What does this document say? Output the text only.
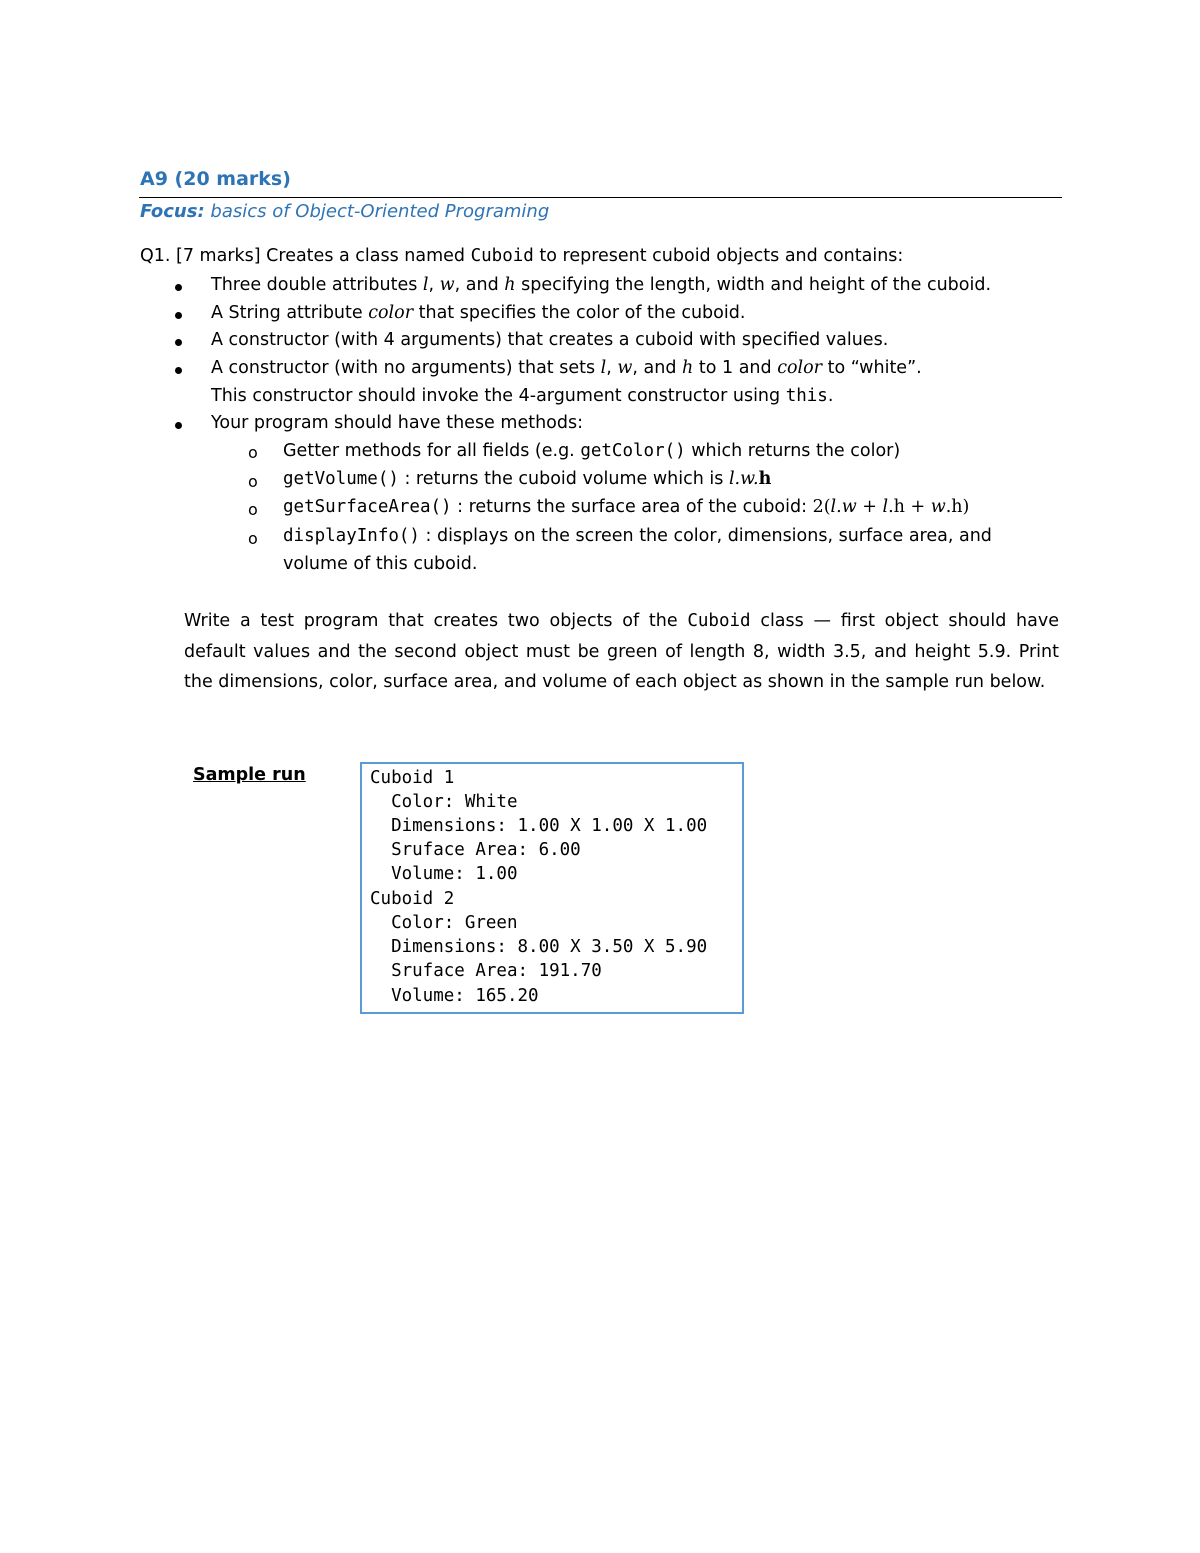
A9 (20 marks)
Focus: basics of Object-Oriented Programing
Q1. [7 marks] Creates a class named Cuboid to represent cuboid objects and contains:
Three double attributes l, w, and h specifying the length, width and height of the cuboid.
A String attribute color that specifies the color of the cuboid.
A constructor (with 4 arguments) that creates a cuboid with specified values.
A constructor (with no arguments) that sets l, w, and h to 1 and color to “white”.
This constructor should invoke the 4-argument constructor using this.
Your program should have these methods:
o Getter methods for all fields (e.g. getColor() which returns the color)
o getVolume() : returns the cuboid volume which is l.w.h
o getSurfaceArea() : returns the surface area of the cuboid: 2(l.w + l.h + w.h)
o displayInfo() : displays on the screen the color, dimensions, surface area, and
volume of this cuboid.
Write a test program that creates two objects of the Cuboid class — first object should have default values and the second object must be green of length 8, width 3.5, and height 5.9. Print the dimensions, color, surface area, and volume of each object as shown in the sample run below.
Sample run	Cuboid 1
Color: White
Dimensions: 1.00 X 1.00 X 1.00
Sruface Area: 6.00
Volume: 1.00
Cuboid 2
Color: Green
Dimensions: 8.00 X 3.50 X 5.90
Sruface Area: 191.70
Volume: 165.20
